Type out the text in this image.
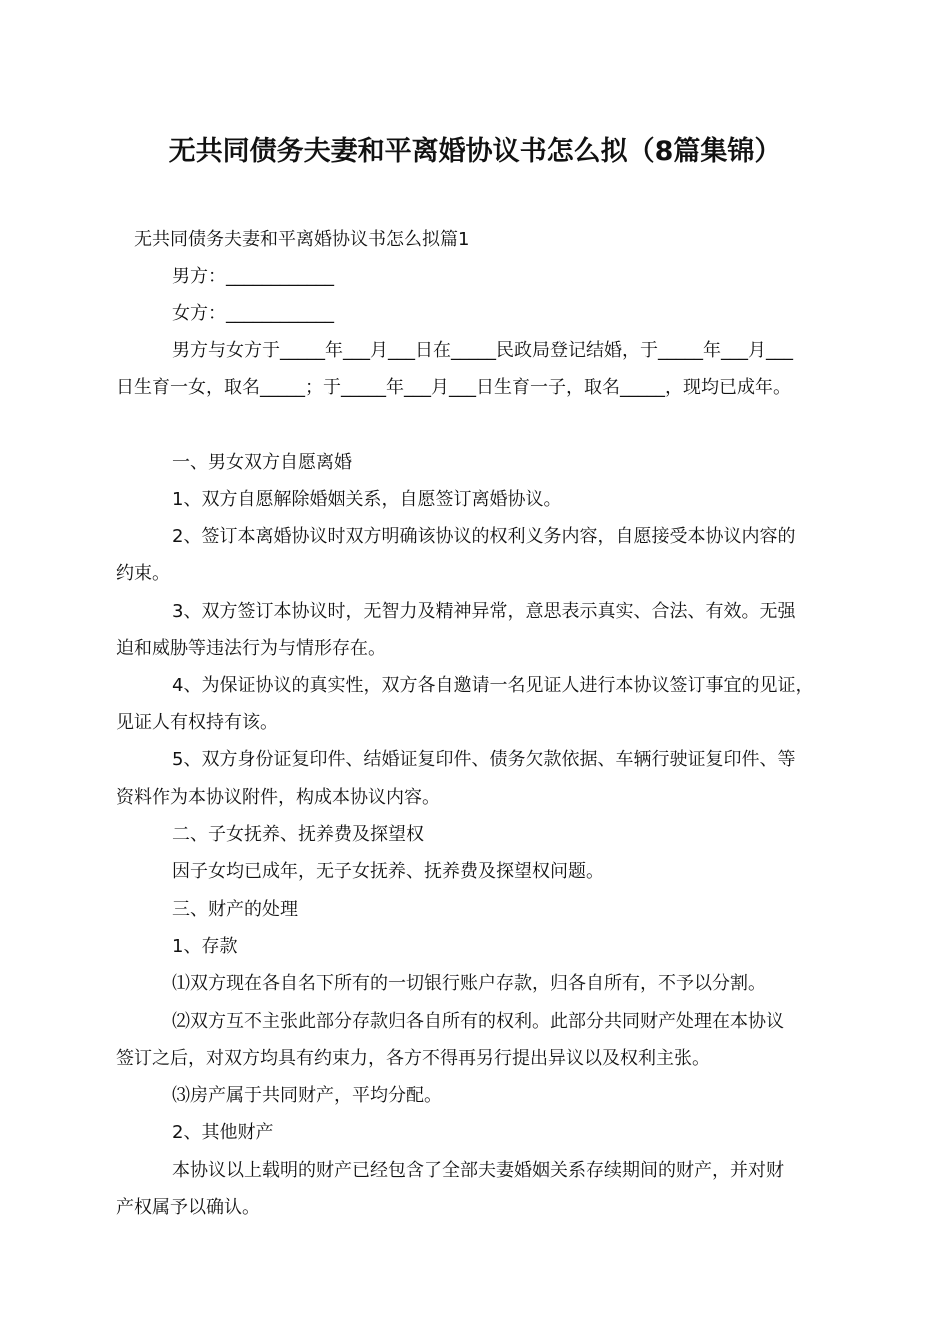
无共同债务夫妻和平离婚协议书怎么拟（8篇集锦）
无共同债务夫妻和平离婚协议书怎么拟篇1
男方：____________
女方：____________
男方与女方于_____年___月___日在_____民政局登记结婚，于_____年___月___
日生育一女，取名_____；于_____年___月___日生育一子，取名_____，现均已成年。
一、男女双方自愿离婚
1、双方自愿解除婚姻关系，自愿签订离婚协议。
2、签订本离婚协议时双方明确该协议的权利义务内容，自愿接受本协议内容的
约束。
3、双方签订本协议时，无智力及精神异常，意思表示真实、合法、有效。无强
迫和威胁等违法行为与情形存在。
4、为保证协议的真实性，双方各自邀请一名见证人进行本协议签订事宜的见证，
见证人有权持有该。
5、双方身份证复印件、结婚证复印件、债务欠款依据、车辆行驶证复印件、等
资料作为本协议附件，构成本协议内容。
二、子女抚养、抚养费及探望权
因子女均已成年，无子女抚养、抚养费及探望权问题。
三、财产的处理
1、存款
⑴双方现在各自名下所有的一切银行账户存款，归各自所有，不予以分割。
⑵双方互不主张此部分存款归各自所有的权利。此部分共同财产处理在本协议
签订之后，对双方均具有约束力，各方不得再另行提出异议以及权利主张。
⑶房产属于共同财产，平均分配。
2、其他财产
本协议以上载明的财产已经包含了全部夫妻婚姻关系存续期间的财产，并对财
产权属予以确认。
